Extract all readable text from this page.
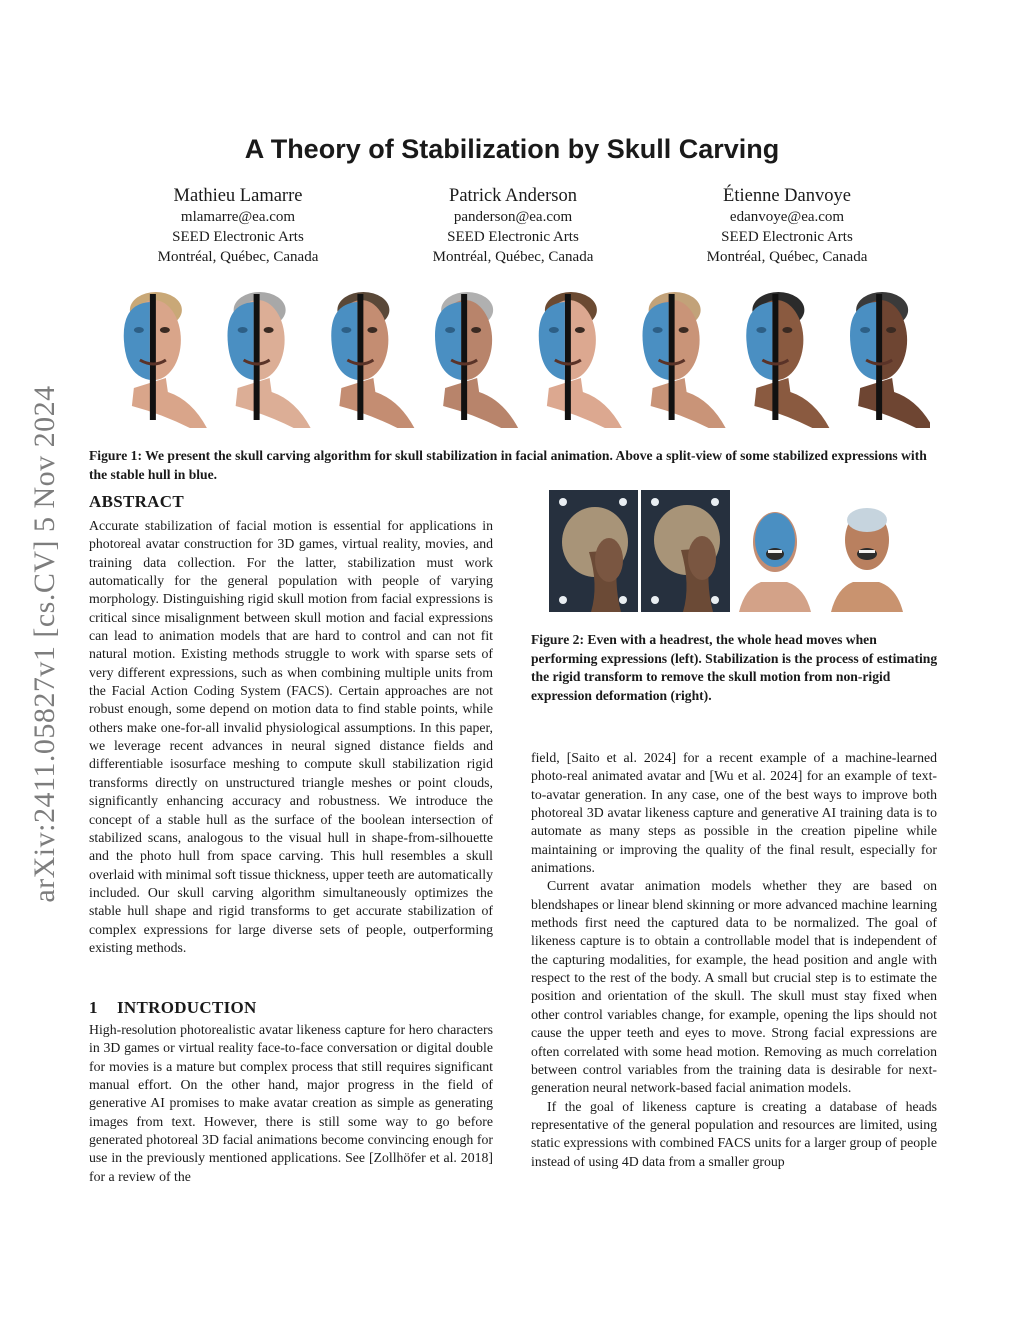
arXiv:2411.05827v1 [cs.CV] 5 Nov 2024
A Theory of Stabilization by Skull Carving
Mathieu Lamarre
mlamarre@ea.com
SEED Electronic Arts
Montréal, Québec, Canada
Patrick Anderson
panderson@ea.com
SEED Electronic Arts
Montréal, Québec, Canada
Étienne Danvoye
edanvoye@ea.com
SEED Electronic Arts
Montréal, Québec, Canada
Figure 1: We present the skull carving algorithm for skull stabilization in facial animation. Above a split-view of some stabilized expressions with the stable hull in blue.
ABSTRACT

Accurate stabilization of facial motion is essential for applications in photoreal avatar construction for 3D games, virtual reality, movies, and training data collection. For the latter, stabilization must work automatically for the general population with people of varying morphology. Distinguishing rigid skull motion from facial expressions is critical since misalignment between skull motion and facial expressions can lead to animation models that are hard to control and can not fit natural motion. Existing methods struggle to work with sparse sets of very different expressions, such as when combining multiple units from the Facial Action Coding System (FACS). Certain approaches are not robust enough, some depend on motion data to find stable points, while others make one-for-all invalid physiological assumptions. In this paper, we leverage recent advances in neural signed distance fields and differentiable isosurface meshing to compute skull stabilization rigid transforms directly on unstructured triangle meshes or point clouds, significantly enhancing accuracy and robustness. We introduce the concept of a stable hull as the surface of the boolean intersection of stabilized scans, analogous to the visual hull in shape-from-silhouette and the photo hull from space carving. This hull resembles a skull overlaid with minimal soft tissue thickness, upper teeth are automatically included. Our skull carving algorithm simultaneously optimizes the stable hull shape and rigid transforms to get accurate stabilization of complex expressions for large diverse sets of people, outperforming existing methods.

1 INTRODUCTION

High-resolution photorealistic avatar likeness capture for hero characters in 3D games or virtual reality face-to-face conversation or digital double for movies is a mature but complex process that still requires significant manual effort. On the other hand, major progress in the field of generative AI promises to make avatar creation as simple as generating images from text. However, there is still some way to go before generated photoreal 3D facial animations become convincing enough for use in the previously mentioned applications. See [Zollhöfer et al. 2018] for a review of the

Figure 2: Even with a headrest, the whole head moves when performing expressions (left). Stabilization is the process of estimating the rigid transform to remove the skull motion from non-rigid expression deformation (right).

field, [Saito et al. 2024] for a recent example of a machine-learned photo-real animated avatar and [Wu et al. 2024] for an example of text-to-avatar generation. In any case, one of the best ways to improve both photoreal 3D avatar likeness capture and generative AI training data is to automate as many steps as possible in the creation pipeline while maintaining or improving the quality of the final result, especially for animations.

Current avatar animation models whether they are based on blendshapes or linear blend skinning or more advanced machine learning methods first need the captured data to be normalized. The goal of likeness capture is to obtain a controllable model that is independent of the capturing modalities, for example, the head position and angle with respect to the rest of the body. A small but crucial step is to estimate the position and orientation of the skull. The skull must stay fixed when other control variables change, for example, opening the lips should not cause the upper teeth and eyes to move. Strong facial expressions are often correlated with some head motion. Removing as much correlation between control variables from the training data is desirable for next-generation neural network-based facial animation models.

If the goal of likeness capture is creating a database of heads representative of the general population and resources are limited, using static expressions with combined FACS units for a larger group of people instead of using 4D data from a smaller group
